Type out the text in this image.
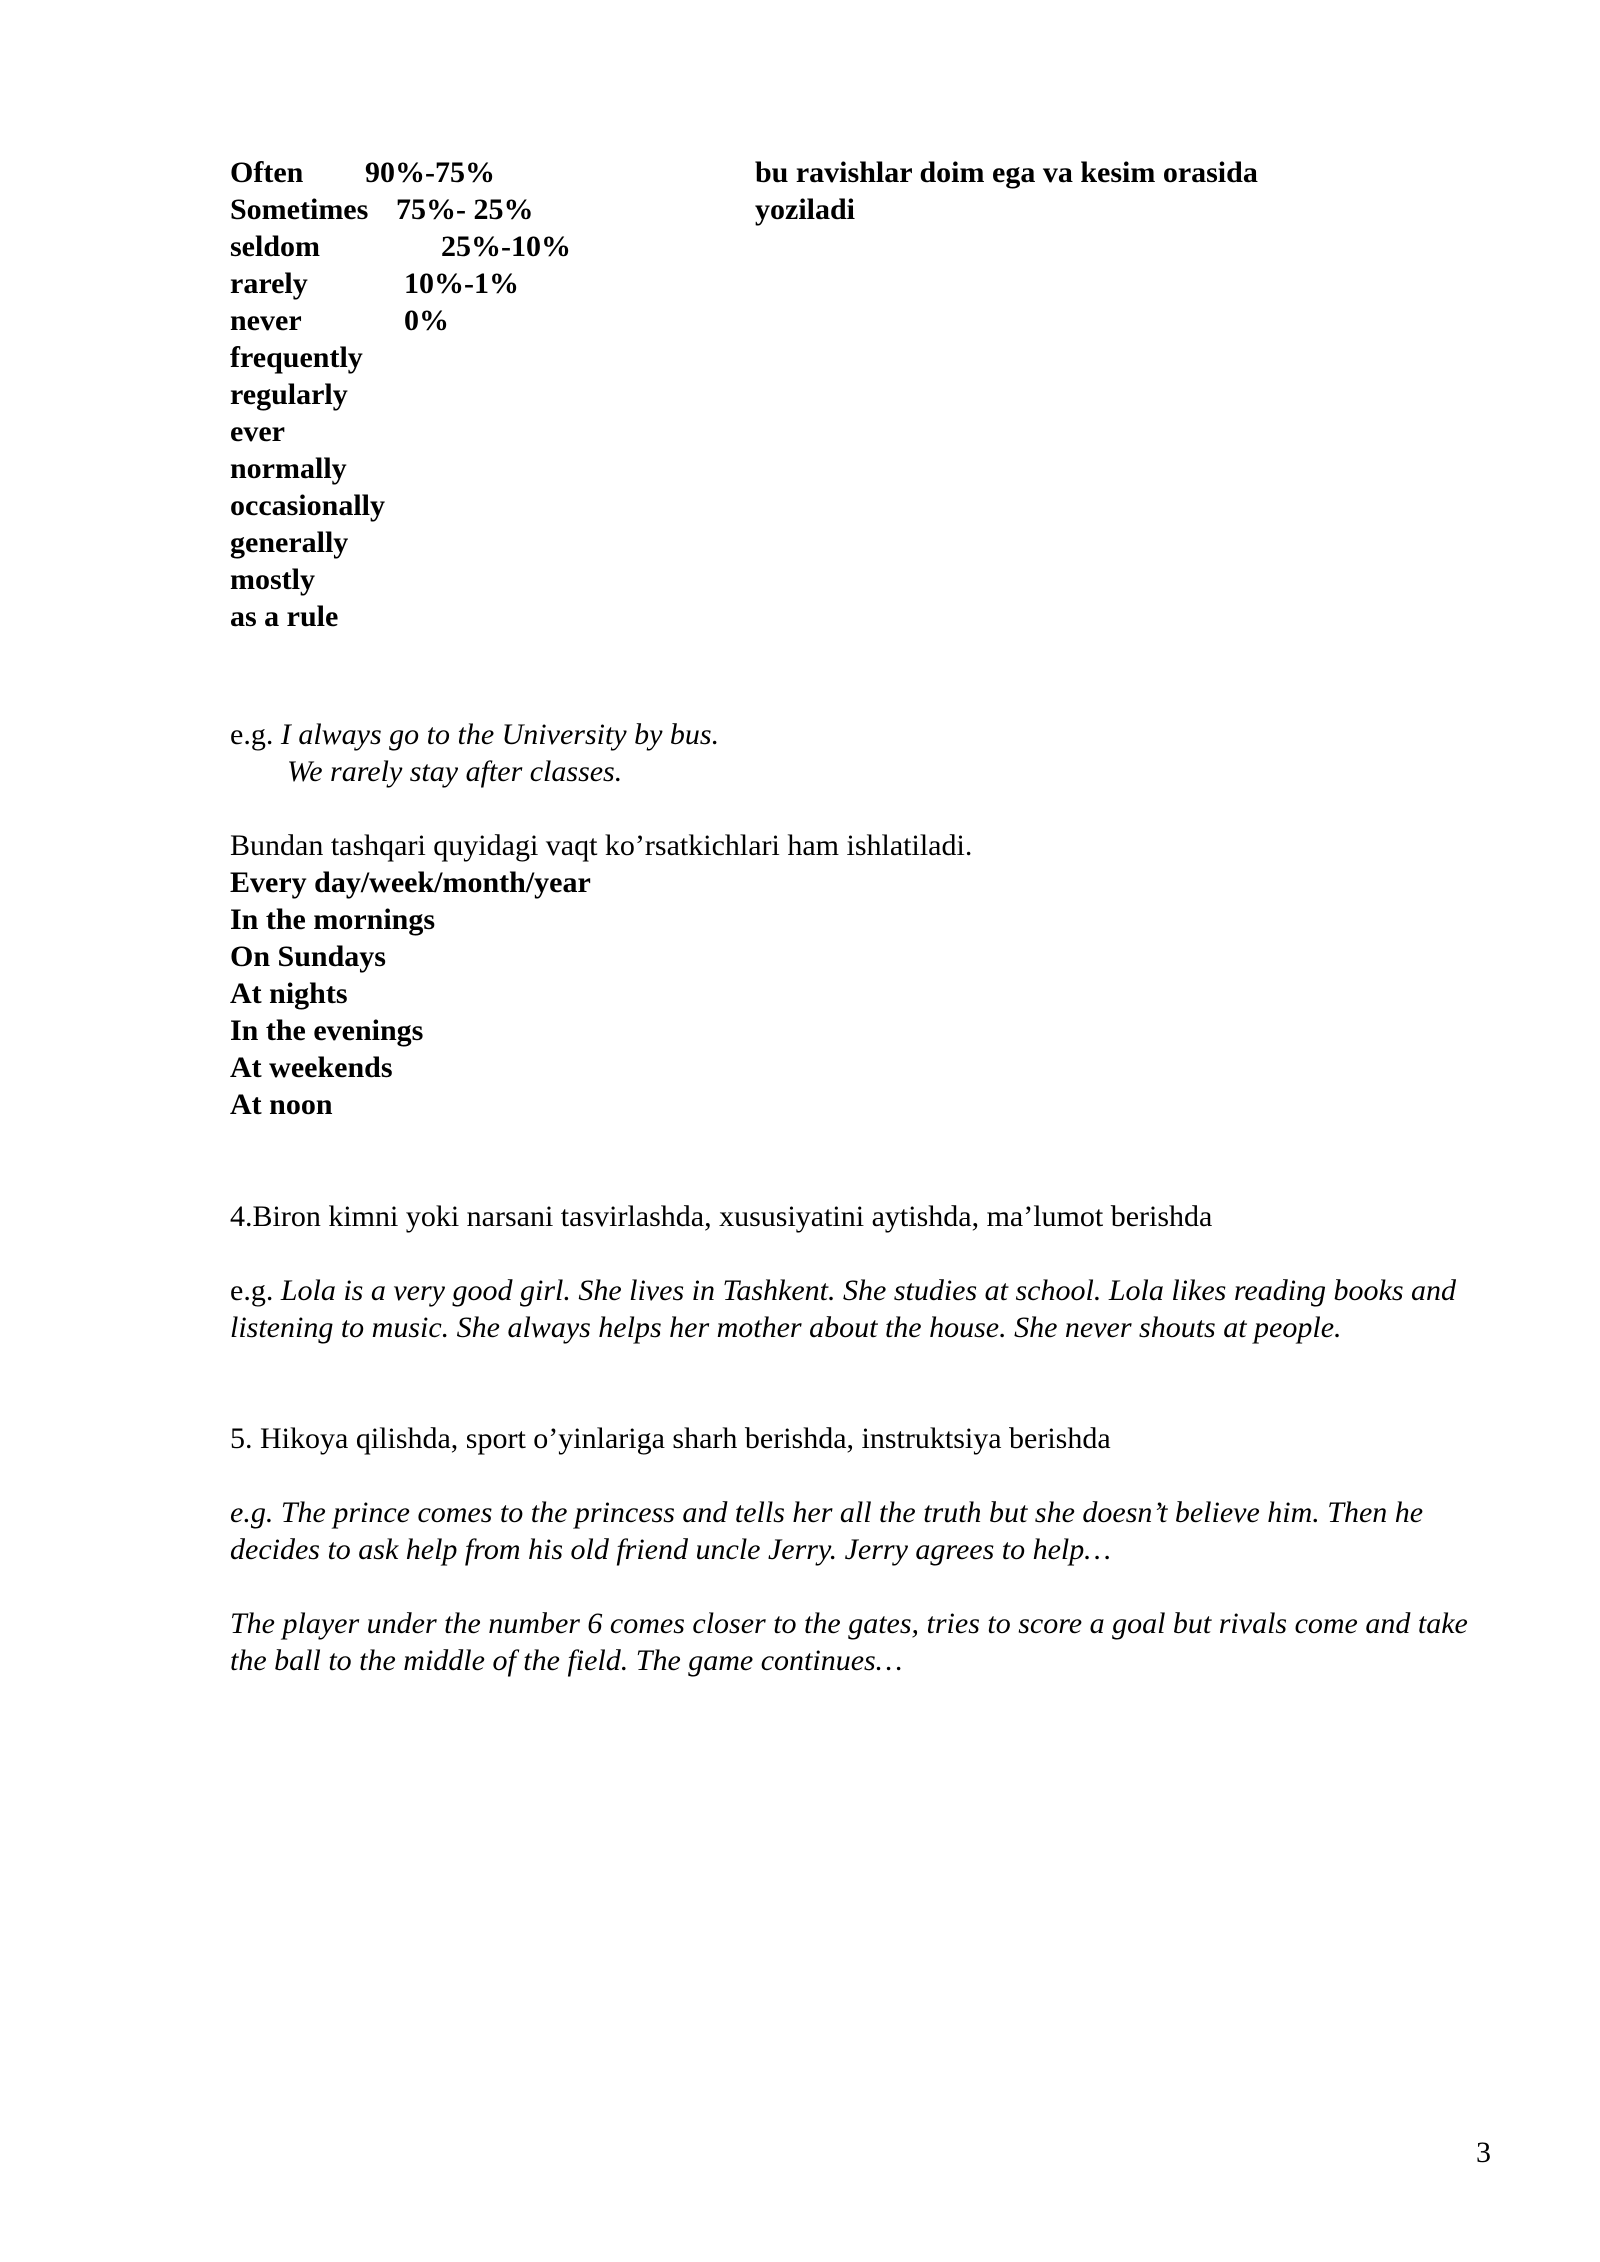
Often 90%-75%
Sometimes 75%- 25%
seldom	25%-10%
rarely	10%-1%
never	0%
frequently
regularly
ever
normally
occasionally
generally
mostly
as a rule
bu ravishlar doim ega va kesim orasida
yoziladi
e.g. I always go to the University by bus.
We rarely stay after classes.
Bundan tashqari quyidagi vaqt ko’rsatkichlari ham ishlatiladi.
Every day/week/month/year
In the mornings
On Sundays
At nights
In the evenings
At weekends
At noon
4.Biron kimni yoki narsani tasvirlashda, xususiyatini aytishda, ma’lumot berishda
e.g. Lola is a very good girl. She lives in Tashkent. She studies at school. Lola likes reading books and listening to music. She always helps her mother about the house. She never shouts at people.
5. Hikoya qilishda, sport o’yinlariga sharh berishda, instruktsiya berishda
e.g. The prince comes to the princess and tells her all the truth but she doesn’t believe him. Then he decides to ask help from his old friend uncle Jerry. Jerry agrees to help…
The player under the number 6 comes closer to the gates, tries to score a goal but rivals come and take the ball to the middle of the field. The game continues…
3
